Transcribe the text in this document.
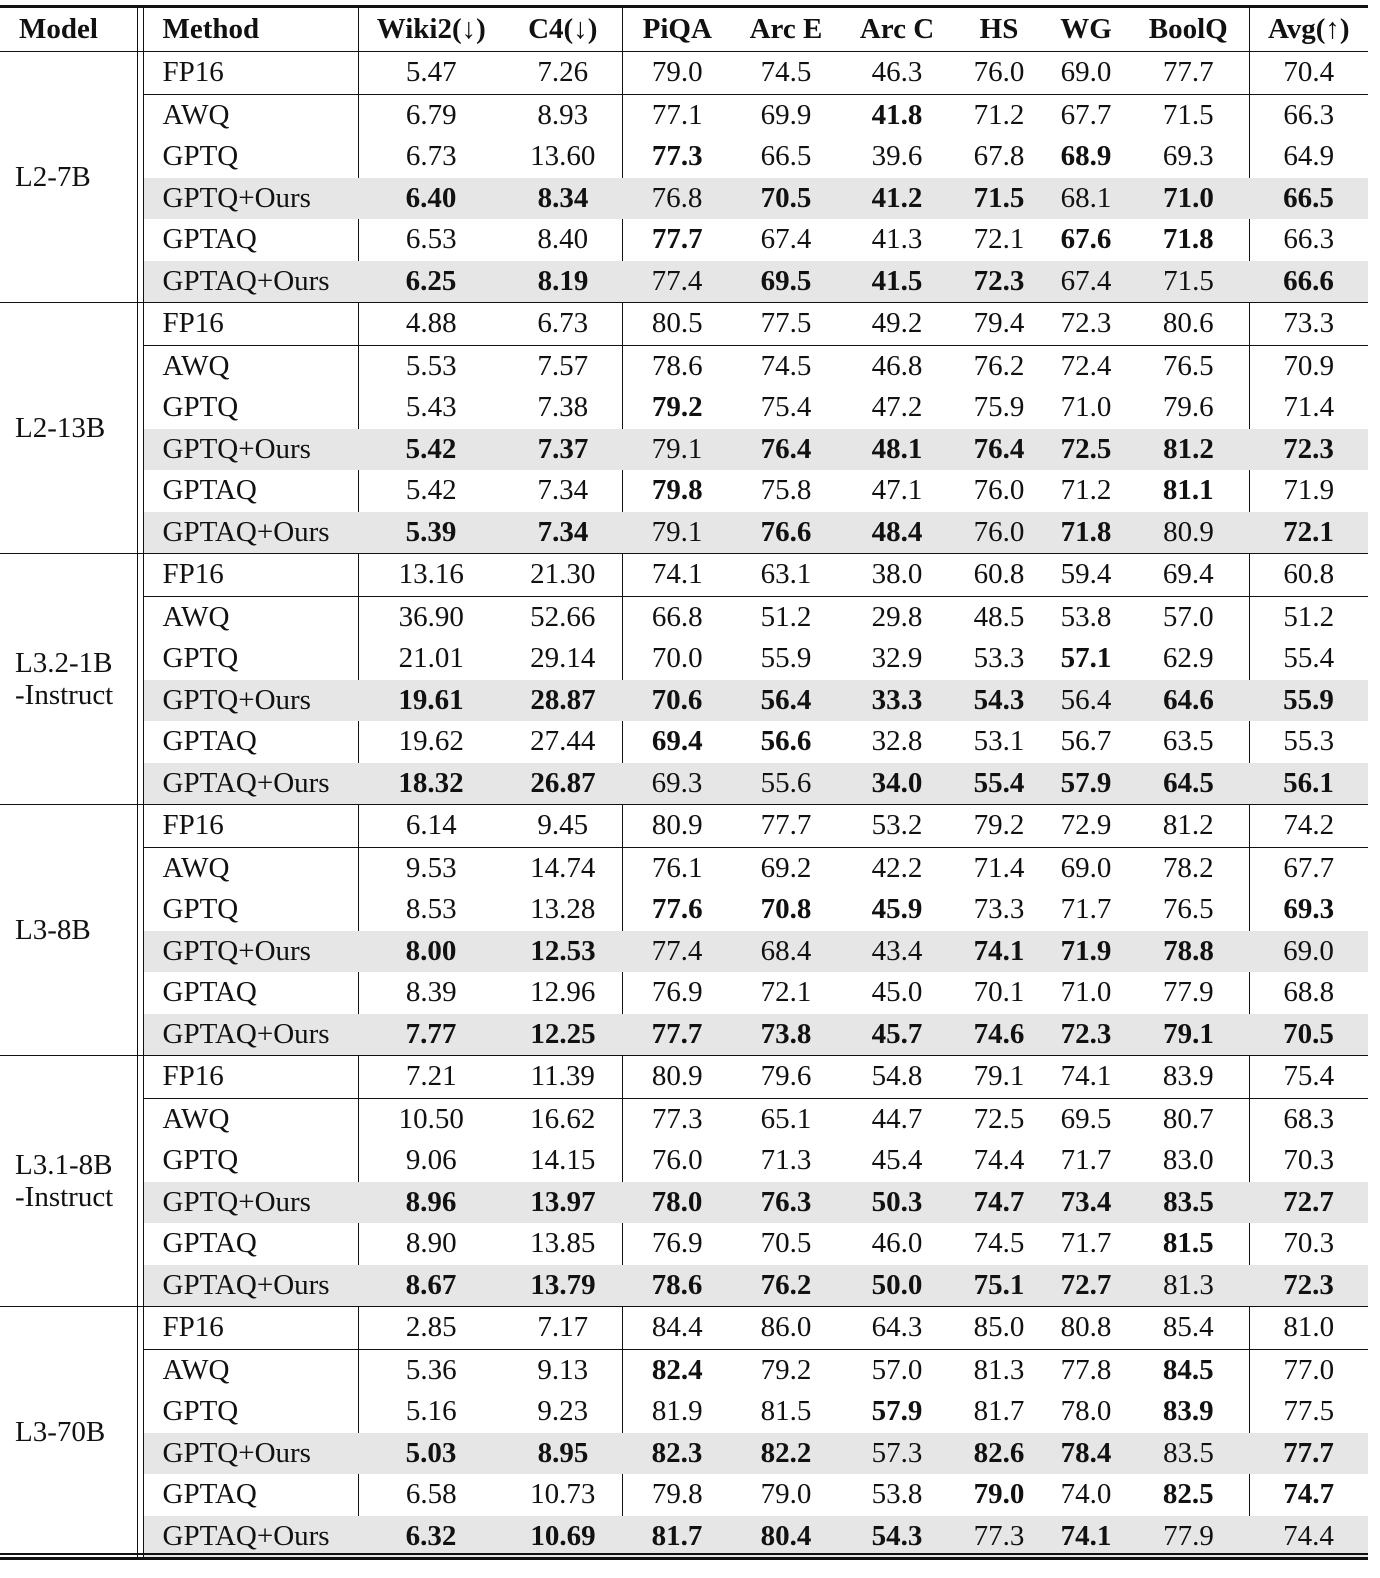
Model		Method	Wiki2(↓)	C4(↓)	PiQA	Arc E	Arc C	HS	WG	BoolQ	Avg(↑)

L2-7B		FP16	5.47	7.26	79.0	74.5	46.3	76.0	69.0	77.7	70.4
		AWQ	6.79	8.93	77.1	69.9	41.8	71.2	67.7	71.5	66.3
		GPTQ	6.73	13.60	77.3	66.5	39.6	67.8	68.9	69.3	64.9
		GPTQ+Ours	6.40	8.34	76.8	70.5	41.2	71.5	68.1	71.0	66.5
		GPTAQ	6.53	8.40	77.7	67.4	41.3	72.1	67.6	71.8	66.3
		GPTAQ+Ours	6.25	8.19	77.4	69.5	41.5	72.3	67.4	71.5	66.6

L2-13B		FP16	4.88	6.73	80.5	77.5	49.2	79.4	72.3	80.6	73.3
		AWQ	5.53	7.57	78.6	74.5	46.8	76.2	72.4	76.5	70.9
		GPTQ	5.43	7.38	79.2	75.4	47.2	75.9	71.0	79.6	71.4
		GPTQ+Ours	5.42	7.37	79.1	76.4	48.1	76.4	72.5	81.2	72.3
		GPTAQ	5.42	7.34	79.8	75.8	47.1	76.0	71.2	81.1	71.9
		GPTAQ+Ours	5.39	7.34	79.1	76.6	48.4	76.0	71.8	80.9	72.1

L3.2-1B
-Instruct		FP16	13.16	21.30	74.1	63.1	38.0	60.8	59.4	69.4	60.8
		AWQ	36.90	52.66	66.8	51.2	29.8	48.5	53.8	57.0	51.2
		GPTQ	21.01	29.14	70.0	55.9	32.9	53.3	57.1	62.9	55.4
		GPTQ+Ours	19.61	28.87	70.6	56.4	33.3	54.3	56.4	64.6	55.9
		GPTAQ	19.62	27.44	69.4	56.6	32.8	53.1	56.7	63.5	55.3
		GPTAQ+Ours	18.32	26.87	69.3	55.6	34.0	55.4	57.9	64.5	56.1

L3-8B		FP16	6.14	9.45	80.9	77.7	53.2	79.2	72.9	81.2	74.2
		AWQ	9.53	14.74	76.1	69.2	42.2	71.4	69.0	78.2	67.7
		GPTQ	8.53	13.28	77.6	70.8	45.9	73.3	71.7	76.5	69.3
		GPTQ+Ours	8.00	12.53	77.4	68.4	43.4	74.1	71.9	78.8	69.0
		GPTAQ	8.39	12.96	76.9	72.1	45.0	70.1	71.0	77.9	68.8
		GPTAQ+Ours	7.77	12.25	77.7	73.8	45.7	74.6	72.3	79.1	70.5

L3.1-8B
-Instruct		FP16	7.21	11.39	80.9	79.6	54.8	79.1	74.1	83.9	75.4
		AWQ	10.50	16.62	77.3	65.1	44.7	72.5	69.5	80.7	68.3
		GPTQ	9.06	14.15	76.0	71.3	45.4	74.4	71.7	83.0	70.3
		GPTQ+Ours	8.96	13.97	78.0	76.3	50.3	74.7	73.4	83.5	72.7
		GPTAQ	8.90	13.85	76.9	70.5	46.0	74.5	71.7	81.5	70.3
		GPTAQ+Ours	8.67	13.79	78.6	76.2	50.0	75.1	72.7	81.3	72.3

L3-70B		FP16	2.85	7.17	84.4	86.0	64.3	85.0	80.8	85.4	81.0
		AWQ	5.36	9.13	82.4	79.2	57.0	81.3	77.8	84.5	77.0
		GPTQ	5.16	9.23	81.9	81.5	57.9	81.7	78.0	83.9	77.5
		GPTQ+Ours	5.03	8.95	82.3	82.2	57.3	82.6	78.4	83.5	77.7
		GPTAQ	6.58	10.73	79.8	79.0	53.8	79.0	74.0	82.5	74.7
		GPTAQ+Ours	6.32	10.69	81.7	80.4	54.3	77.3	74.1	77.9	74.4
